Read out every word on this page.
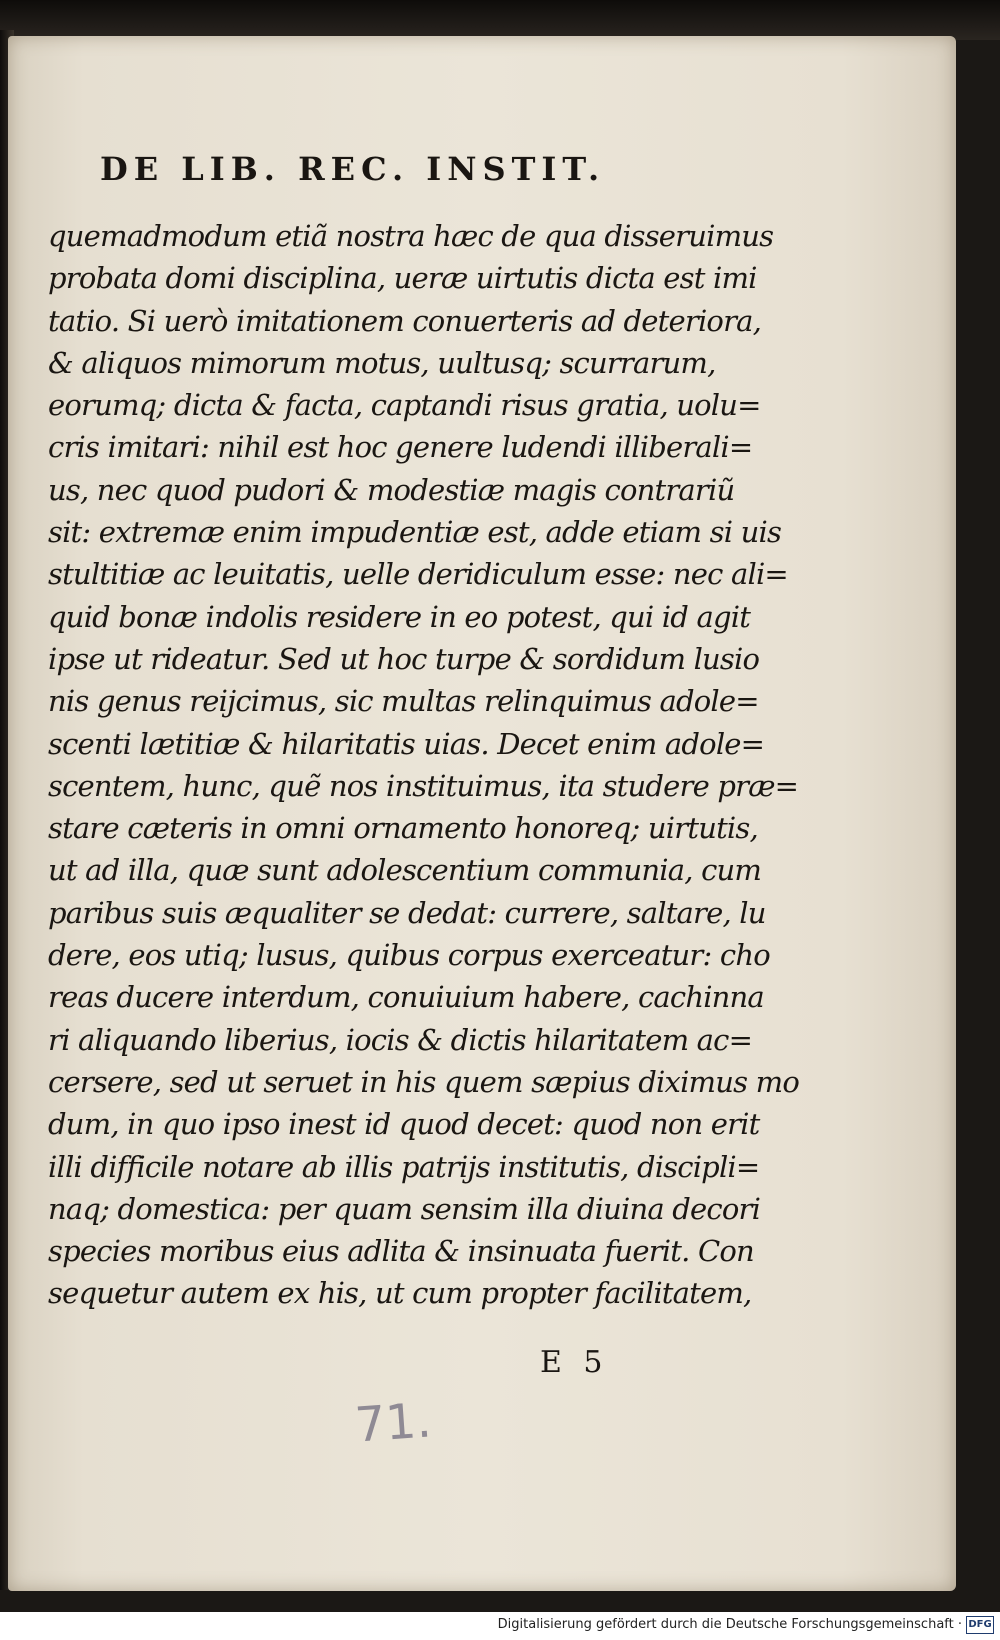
DE LIB. REC. INSTIT.
quemadmodum etiã nostra hæc de qua disseruimus
probata domi disciplina, ueræ uirtutis dicta est imi
tatio. Si uerò imitationem conuerteris ad deteriora,
& aliquos mimorum motus, uultusq; scurrarum,
eorumq; dicta & facta, captandi risus gratia, uolu=
cris imitari: nihil est hoc genere ludendi illiberali=
us, nec quod pudori & modestiæ magis contrariũ
sit: extremæ enim impudentiæ est, adde etiam si uis
stultitiæ ac leuitatis, uelle deridiculum esse: nec ali=
quid bonæ indolis residere in eo potest, qui id agit
ipse ut rideatur. Sed ut hoc turpe & sordidum lusio
nis genus reijcimus, sic multas relinquimus adole=
scenti lætitiæ & hilaritatis uias. Decet enim adole=
scentem, hunc, quẽ nos instituimus, ita studere præ=
stare cæteris in omni ornamento honoreq; uirtutis,
ut ad illa, quæ sunt adolescentium communia, cum
paribus suis æqualiter se dedat: currere, saltare, lu
dere, eos utiq; lusus, quibus corpus exerceatur: cho
reas ducere interdum, conuiuium habere, cachinna
ri aliquando liberius, iocis & dictis hilaritatem ac=
cersere, sed ut seruet in his quem sæpius diximus mo
dum, in quo ipso inest id quod decet: quod non erit
illi difficile notare ab illis patrijs institutis, discipli=
naq; domestica: per quam sensim illa diuina decori
species moribus eius adlita & insinuata fuerit. Con
sequetur autem ex his, ut cum propter facilitatem,
E 5
71.
Digitalisierung gefördert durch die Deutsche Forschungsgemeinschaft · DFG
